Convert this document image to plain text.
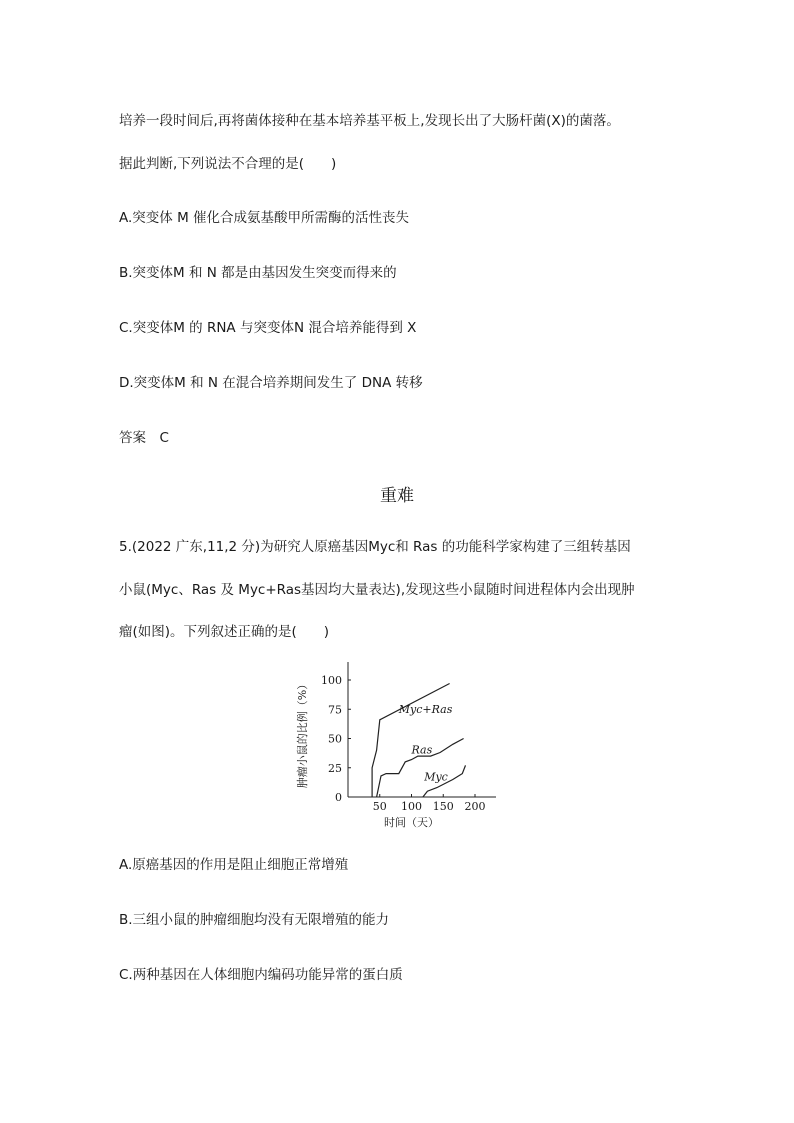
培养一段时间后,再将菌体接种在基本培养基平板上,发现长出了大肠杆菌(X)的菌落。
据此判断,下列说法不合理的是(　　)
A.突变体 M 催化合成氨基酸甲所需酶的活性丧失
B.突变体M 和 N 都是由基因发生突变而得来的
C.突变体M 的 RNA 与突变体N 混合培养能得到 X
D.突变体M 和 N 在混合培养期间发生了 DNA 转移
答案　C
重难
5.(2022 广东,11,2 分)为研究人原癌基因Myc和 Ras 的功能科学家构建了三组转基因
小鼠(Myc、Ras 及 Myc+Ras基因均大量表达),发现这些小鼠随时间进程体内会出现肿
瘤(如图)。下列叙述正确的是(　　)
50 100 150 200
0
25
50
75
100
Myc+Ras
Ras
Myc
肿瘤小鼠的比例（%）
时间（天）
A.原癌基因的作用是阻止细胞正常增殖
B.三组小鼠的肿瘤细胞均没有无限增殖的能力
C.两种基因在人体细胞内编码功能异常的蛋白质
